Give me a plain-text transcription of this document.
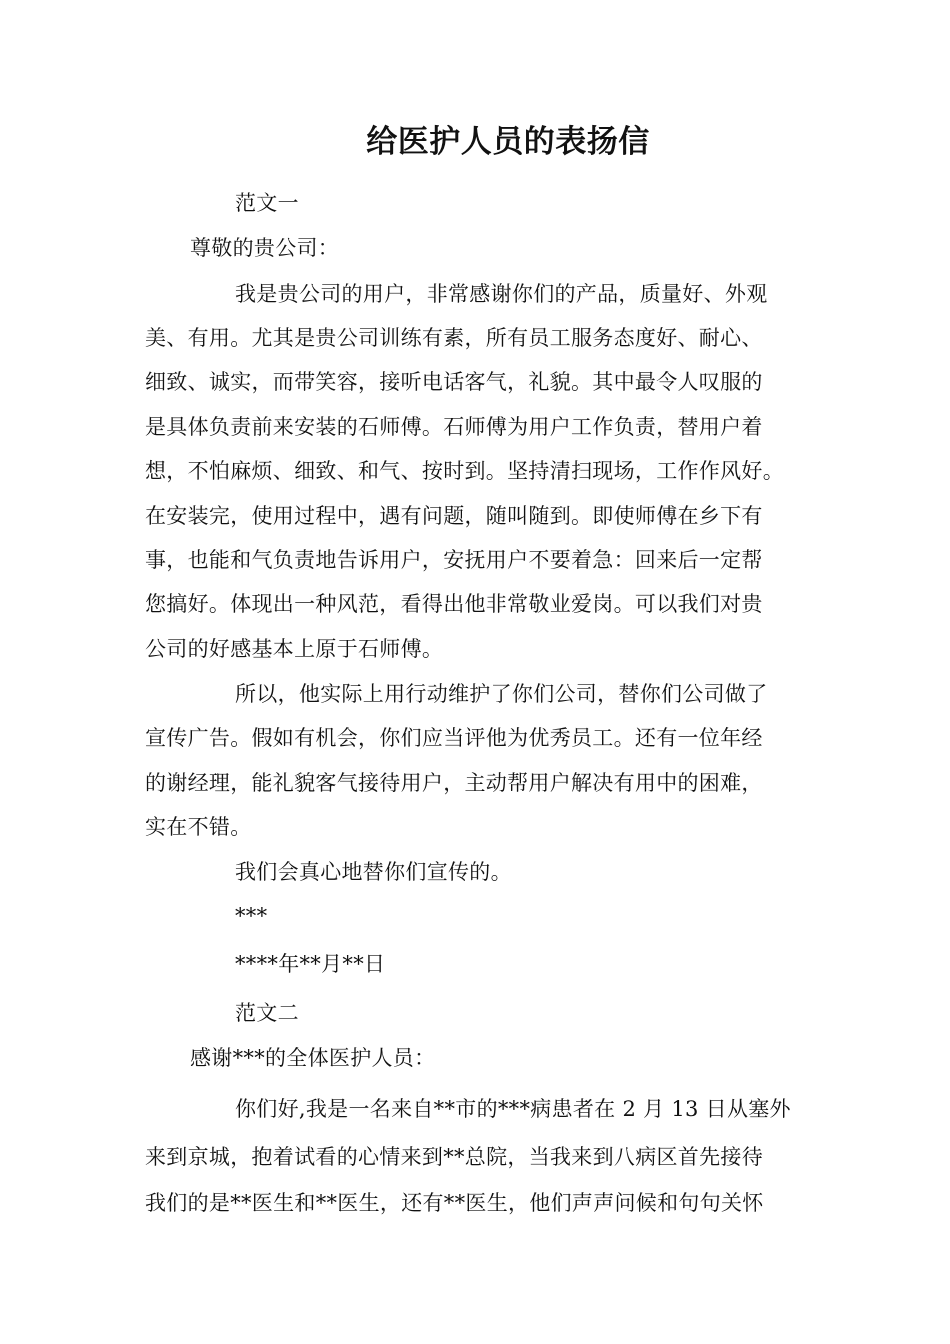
给医护人员的表扬信
范文一
尊敬的贵公司：
我是贵公司的用户，非常感谢你们的产品，质量好、外观
美、有用。尤其是贵公司训练有素，所有员工服务态度好、耐心、
细致、诚实，而带笑容，接听电话客气，礼貌。其中最令人叹服的
是具体负责前来安装的石师傅。石师傅为用户工作负责，替用户着
想，不怕麻烦、细致、和气、按时到。坚持清扫现场，工作作风好。
在安装完，使用过程中，遇有问题，随叫随到。即使师傅在乡下有
事，也能和气负责地告诉用户，安抚用户不要着急：回来后一定帮
您搞好。体现出一种风范，看得出他非常敬业爱岗。可以我们对贵
公司的好感基本上原于石师傅。
所以，他实际上用行动维护了你们公司，替你们公司做了
宣传广告。假如有机会，你们应当评他为优秀员工。还有一位年经
的谢经理，能礼貌客气接待用户，主动帮用户解决有用中的困难，
实在不错。
我们会真心地替你们宣传的。
***
****年**月**日
范文二
感谢***的全体医护人员：
你们好,我是一名来自**市的***病患者在 2 月 13 日从塞外
来到京城，抱着试看的心情来到**总院，当我来到八病区首先接待
我们的是**医生和**医生，还有**医生，他们声声问候和句句关怀
